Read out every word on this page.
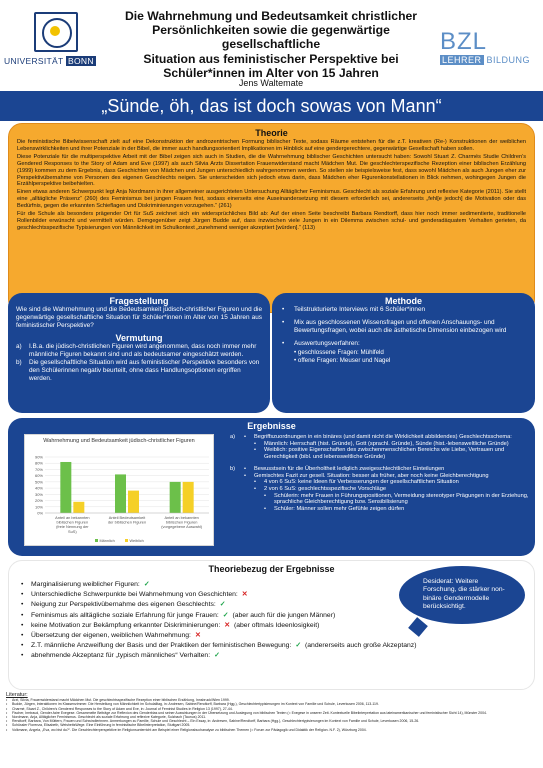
UNIVERSITÄT BONN
Die Wahrnehmung und Bedeutsamkeit christlicher
Persönlichkeiten sowie die gegenwärtige gesellschaftliche
Situation aus feministischer Perspektive bei
Schüler*innen im Alter von 15 Jahren
Jens Waltemate
BZL
LEHRER BILDUNG
„Sünde, öh, das ist doch sowas von Mann“
Theorie
Die feministische Bibelwissenschaft zielt auf eine Dekonstruktion der androzentrischen Formung biblischer Texte, sodass Räume entstehen für die z.T. kreativen (Re-) Konstruktionen der weiblichen Lebenswirklichkeiten und ihrer Potenziale in der Bibel, die immer auch handlungsorientiert Implikationen im Hinblick auf eine gendergerechtere, gegenwärtige Gesellschaft haben sollen.
Diese Potenziale für die multiperspektive Arbeit mit der Bibel zeigen sich auch in Studien, die die Wahrnehmung biblischer Geschichten untersucht haben: Sowohl Stuart Z. Charmés Studie Children’s Gendered Responses to the Story of Adam and Eve (1997) als auch Silvia Arzts Dissertation Frauenwiderstand macht Mädchen Mut. Die geschlechterspezifische Rezeption einer biblischen Erzählung (1999) kommen zu dem Ergebnis, dass Geschichten von Mädchen und Jungen unterschiedlich wahrgenommen werden. So stellen sie beispielsweise fest, dass sowohl Mädchen als auch Jungen eher zur Perspektivübernahme von Personen des eigenen Geschlechts neigen. Sie unterscheiden sich jedoch etwa darin, dass Mädchen eher Figurenkonstellationen in Blick nehmen, wohingegen Jungen die Erzählperspektive beibehielten.
Einen etwas anderen Schwerpunkt legt Anja Nordmann in ihrer allgemeiner ausgerichteten Untersuchung Alltäglicher Feminismus. Geschlecht als soziale Erfahrung und reflexive Kategorie (2011). Sie stellt eine „alltägliche Präsenz“ (260) des Feminismus bei jungen Frauen fest, sodass einerseits eine Auseinandersetzung mit diesem erforderlich sei, andererseits „fehl[e jedoch] die Motivation oder das Bedürfnis, gegen die erkannten Schieflagen und Diskriminierungen vorzugehen.“ (261)
Für die Schule als besonders prägender Ort für SuS zeichnet sich ein widersprüchliches Bild ab: Auf der einen Seite beschreibt Barbara Rendtorff, dass hier noch immer sedimentierte, traditionelle Rollenbilder erwünscht und vermittelt würden. Demgegenüber zeigt Jürgen Budde auf, dass inzwischen viele Jungen in ein Dilemma zwischen schul- und genderadäquatem Verhalten gerieten, da geschlechtsspezifische Typisierungen von Männlichkeit im Schulkontext „zunehmend weniger akzeptiert [würden].“ (113)
Fragestellung
Wie sind die Wahrnehmung und die Bedeutsamkeit jüdisch-christlicher Figuren und die gegenwärtige gesellschaftliche Situation für Schüler*innen im Alter von 15 Jahren aus feministischer Perspektive?
Vermutung
a)	I.B.a. die jüdisch-christlichen Figuren wird angenommen, dass noch immer mehr männliche Figuren bekannt sind und als bedeutsamer eingeschätzt werden.
b)	Die gesellschaftliche Situation wird aus feministischer Perspektive besonders von den Schülerinnen negativ beurteilt, ohne dass Handlungsoptionen ergriffen werden.
Methode
•	Teilstrukturierte Interviews mit 6 Schüler*innen
•	Mix aus geschlossenen Wissensfragen und offenen Anschauungs- und Bewertungsfragen, wobei auch die ästhetische Dimension einbezogen wird
•	Auswertungsverfahren:
• geschlossene Fragen: Mühlfeld
• offene Fragen: Meuser und Nagel
Ergebnisse
Wahrnehmung und Bedeutsamkeit jüdisch-christlicher Figuren
0%
10%
20%
30%
40%
50%
60%
70%
80%
90%
Anteil an bekannten
biblischen Figuren
(freie Nennung der
SuS)
Anteil Bedeutsamkeit
der biblischen Figuren
Anteil an bekannten
biblischen Figuren
(vorgegebene Auswahl)
Männlich	Weiblich
a)	•	Begriffszuordnungen in ein binäres (und damit nicht die Wirklichkeit abbildendes) Geschlechtsschema:
•	Männlich: Herrschaft (hist. Gründe), Gott (sprachl. Gründe), Sünde (hist.-lebensweltliche Gründe)
•	Weiblich: positive Eigenschaften des zwischenmenschlichen Bereichs wie Liebe, Vertrauen und Gerechtigkeit (bibl. und lebensweltliche Gründe)
b)	•	Bewusstsein für die Überholtheit lediglich zweigeschlechtlicher Einteilungen
•	Gemischtes Fazit zur gesell. Situation: besser als früher, aber noch keine Gleichberechtigung
•	4 von 6 SuS: keine Ideen für Verbesserungen der gesellschaftlichen Situation
•	2 von 6 SuS: geschlechtsspezifische Vorschläge
•	Schülerin: mehr Frauen in Führungspositionen, Vermeidung stereotyper Prägungen in der Erziehung, sprachliche Gleichberechtigung bzw. Sensibilisierung
•	Schüler: Männer sollen mehr Gefühle zeigen dürfen
Theoriebezug der Ergebnisse
•	Marginalisierung weiblicher Figuren: ✓
•	Unterschiedliche Schwerpunkte bei Wahrnehmung von Geschichten: ✕
•	Neigung zur Perspektivübernahme des eigenen Geschlechts: ✓
•	Feminismus als alltägliche soziale Erfahrung für junge Frauen: ✓ (aber auch für die jungen Männer)
•	keine Motivation zur Bekämpfung erkannter Diskriminierungen: ✕ (aber oftmals Ideenlosigkeit)
•	Übersetzung der eigenen, weiblichen Wahrnehmung: ✕
•	Z.T. männliche Anzweiflung der Basis und der Praktiken der feministischen Bewegung: ✓ (andererseits auch große Akzeptanz)
•	abnehmende Akzeptanz für „typisch männliches“ Verhalten: ✓
Desiderat: Weitere Forschung, die stärker non-binäre Gendermodelle berücksichtigt.
Literatur:
•	Arzt, Silvia, Frauenwiderstand macht Mädchen Mut. Die geschlechtsspezifische Rezeption einer biblischen Erzählung, Innsbruck/Wien 1999.
•	Budde, Jürgen, Interaktionen im Klassenzimmer. Die Herstellung von Männlichkeit im Schulalltag, in: Andresen, Sabine/Rendtorff, Barbara (Hgg.), Geschlechtertypisierungen im Kontext von Familie und Schule, Leverkusen 2006, 113-119.
•	Charmé, Stuart Z., Children’s Gendered Responses to the Story of Adam and Eve, in: Journal of Feminist Studies in Religion 13 (1997), 27-44.
•	Fischer, Irmtraud, Gender-faire Exegese. Gesammelte Beiträge zur Reflexion des Genderbias und seiner Auswirkungen in der Übersetzung und Auslegung von biblischen Texten (= Exegese in unserer Zeit. Kontextuelle Bibelinterpretation aus lateinamerikanischer und feministischer Sicht 14), Münster 2004.
•	Nordmann, Anja, Alltäglicher Feminismus. Geschlecht als soziale Erfahrung und reflexive Kategorie, Sulzbach (Taunus) 2011.
•	Rendtorff, Barbara, Von Müttern, Frauen und Schwindlerinnen. Anmerkungen zu Familie, Schule und Geschlecht – Ein Essay, in: Andresen, Sabine/Rendtorff, Barbara (Hgg.), Geschlechtertypisierungen im Kontext von Familie und Schule, Leverkusen 2006, 15-26.
•	Schüssler Fiorenza, Elisabeth, WeisheitsWege. Eine Einführung in feministische Bibelinterpretation, Stuttgart 2005.
•	Volkmann, Angela, „Eva, wo bist du?“. Die Geschlechterperspektive im Religionsunterricht am Beispiel einer Religionsbuchanalyse zu biblischen Themen (= Forum zur Pädagogik und Didaktik der Religion. N.F. 2), Würzburg 2004.
